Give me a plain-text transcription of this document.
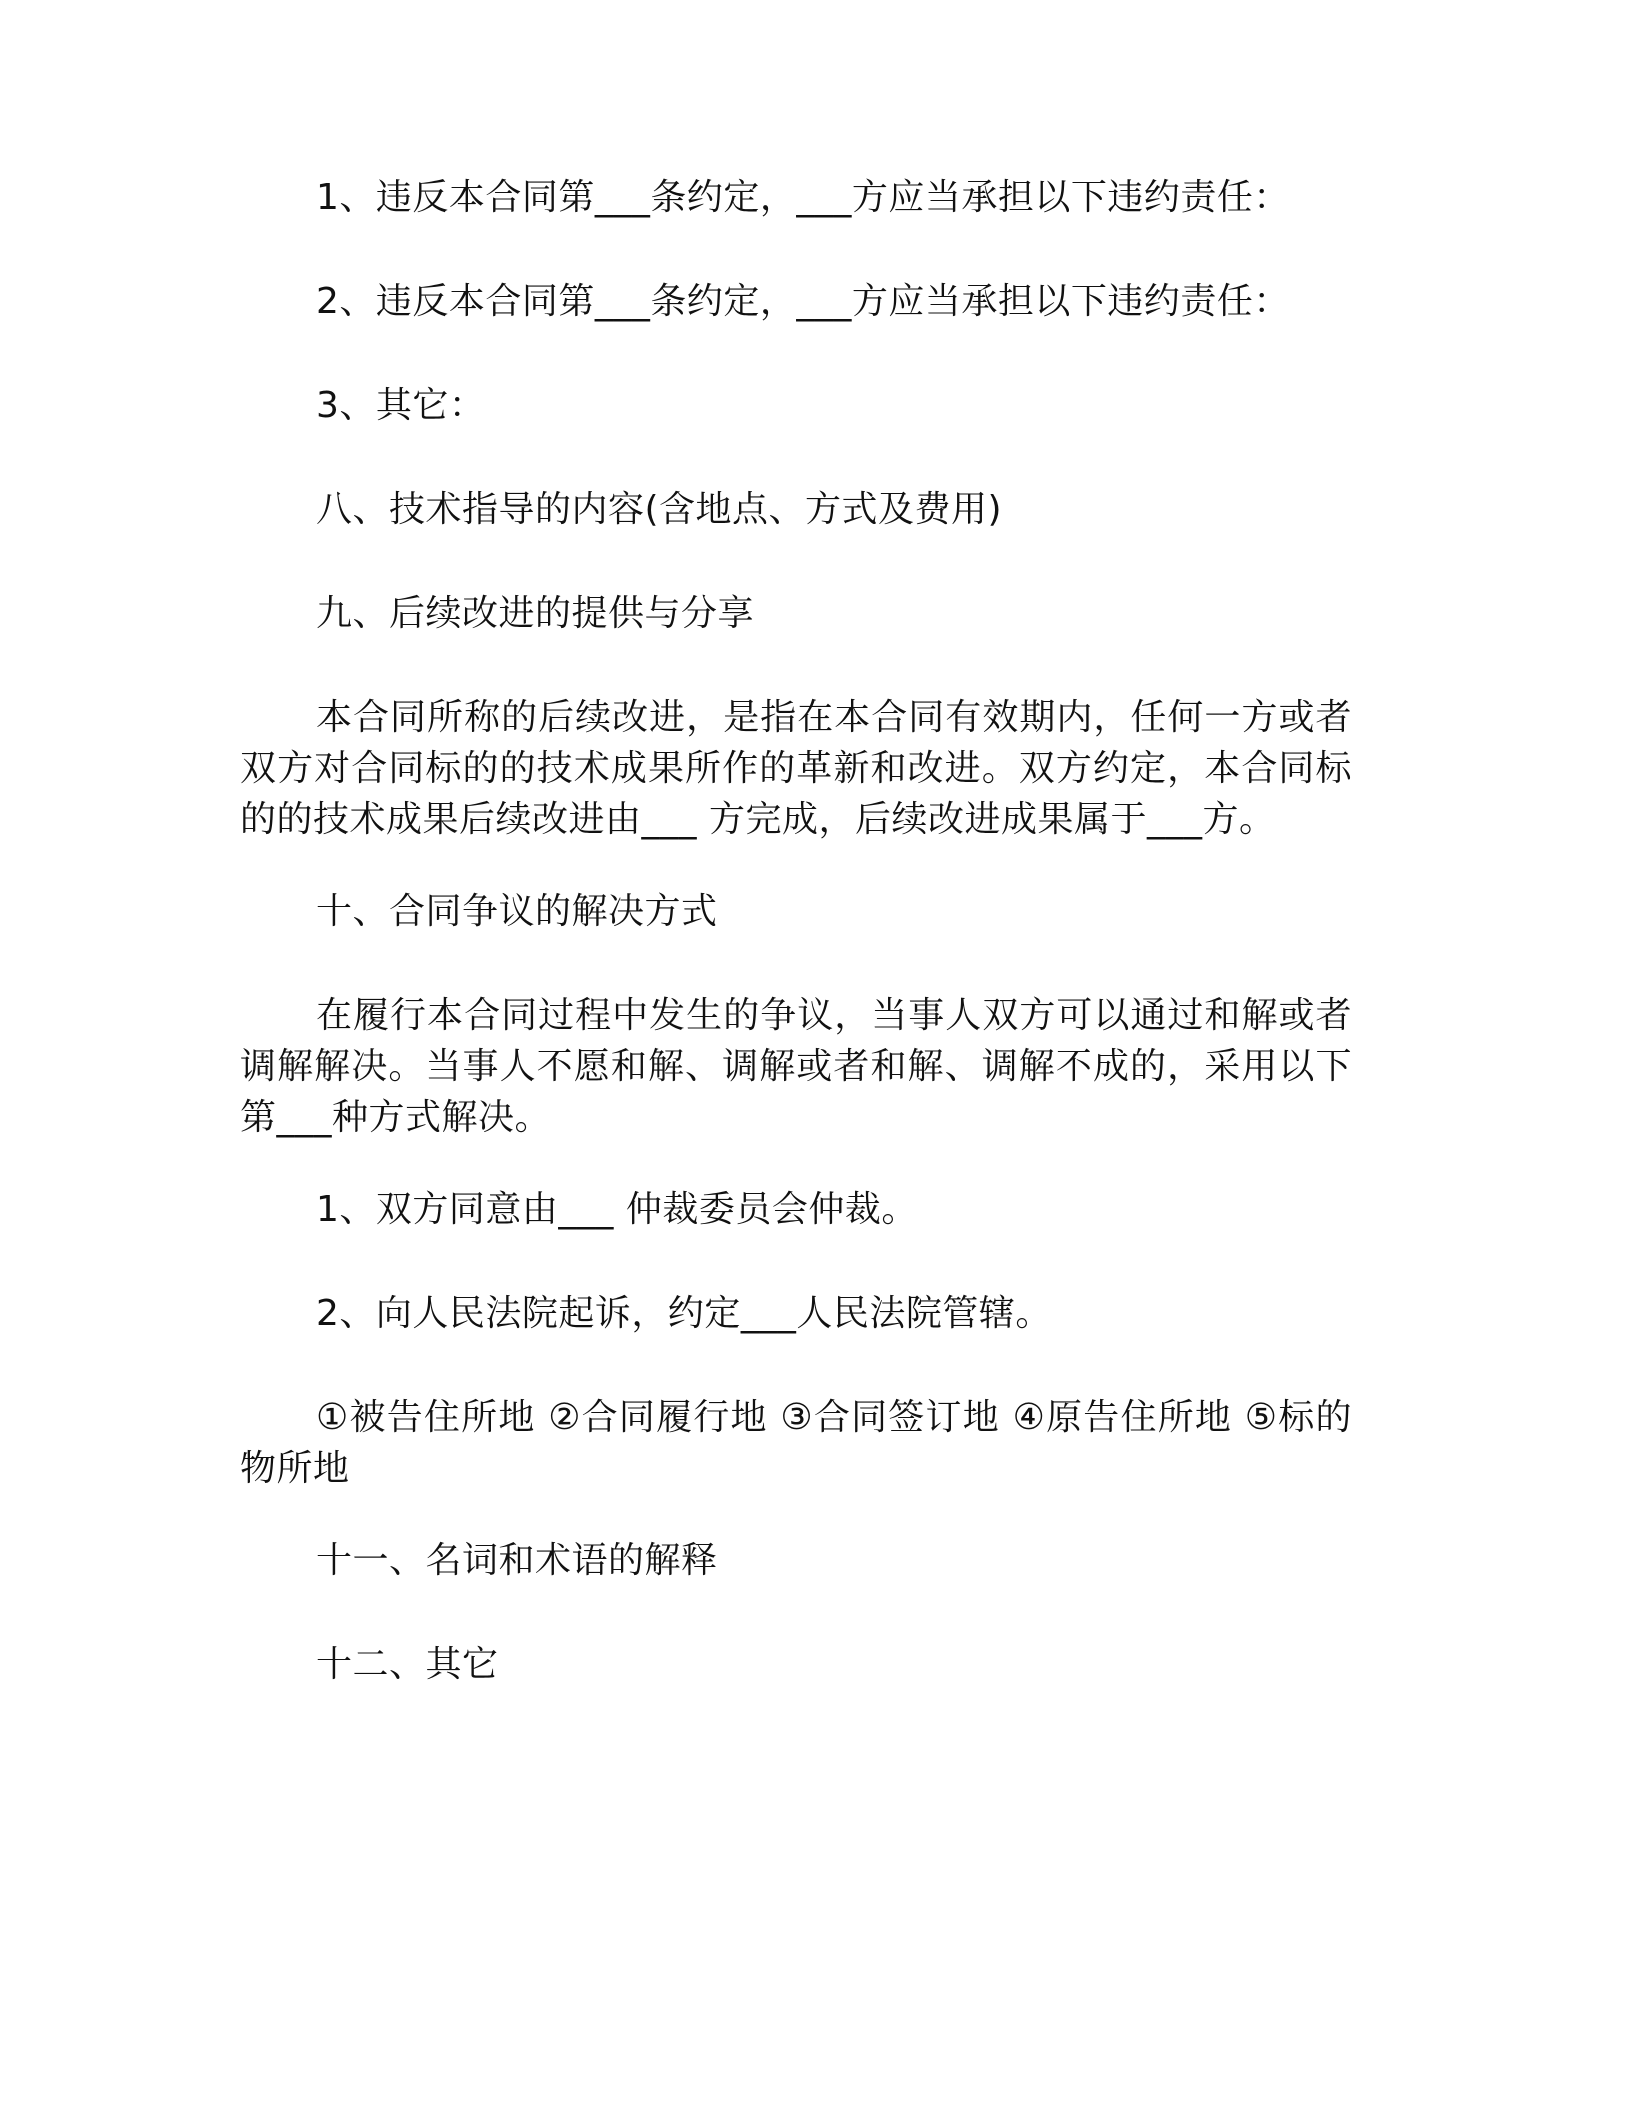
1、违反本合同第___条约定，___方应当承担以下违约责任：

2、违反本合同第___条约定，___方应当承担以下违约责任：

3、其它：

八、技术指导的内容(含地点、方式及费用)

九、后续改进的提供与分享

本合同所称的后续改进，是指在本合同有效期内，任何一方或者双方对合同标的的技术成果所作的革新和改进。双方约定，本合同标的的技术成果后续改进由___ 方完成，后续改进成果属于___方。

十、合同争议的解决方式

在履行本合同过程中发生的争议，当事人双方可以通过和解或者调解解决。当事人不愿和解、调解或者和解、调解不成的，采用以下第___种方式解决。

1、双方同意由___ 仲裁委员会仲裁。

2、向人民法院起诉，约定___人民法院管辖。

①被告住所地 ②合同履行地 ③合同签订地 ④原告住所地 ⑤标的物所地

十一、名词和术语的解释

十二、其它
